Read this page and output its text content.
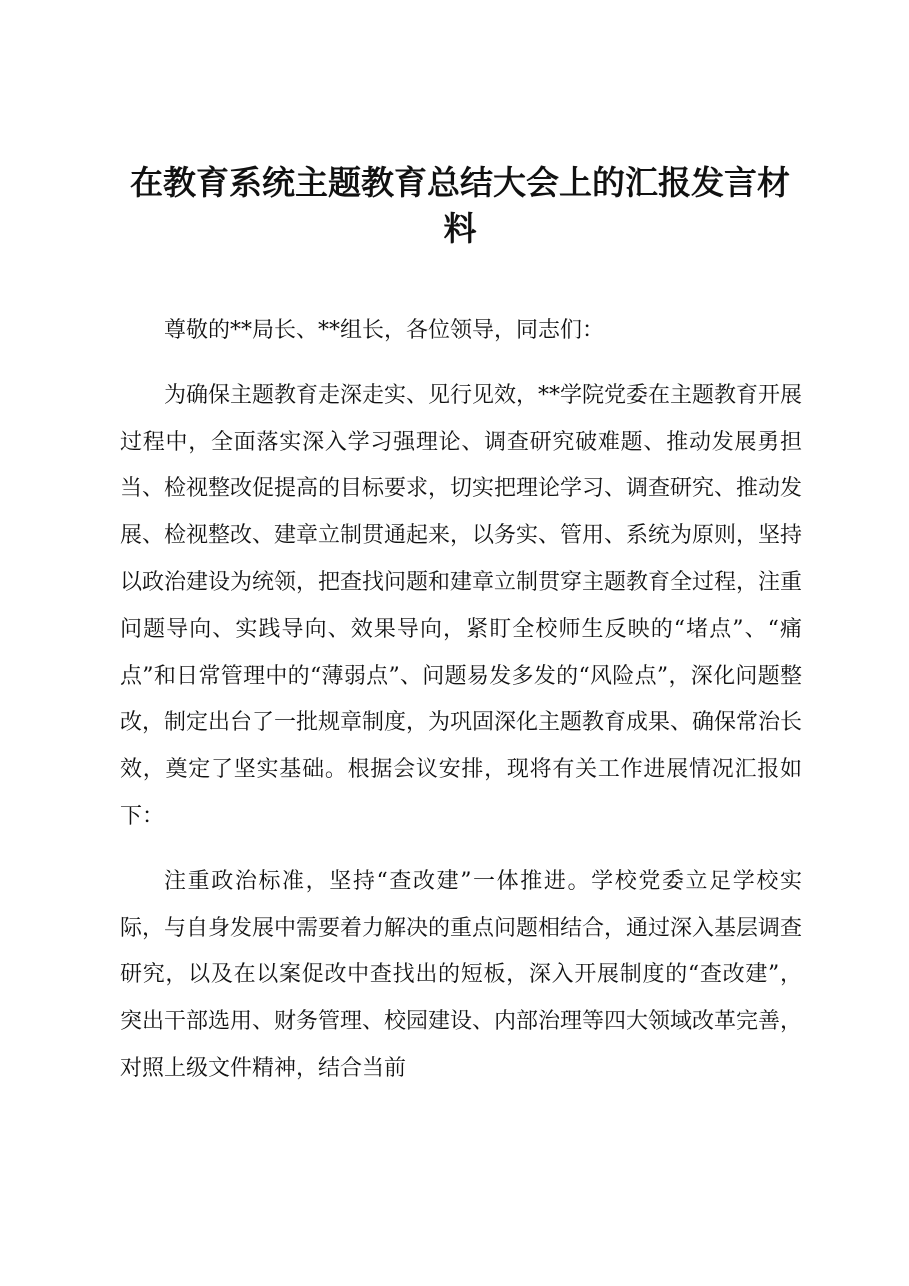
在教育系统主题教育总结大会上的汇报发言材料

尊敬的**局长、**组长，各位领导，同志们：

为确保主题教育走深走实、见行见效，**学院党委在主题教育开展过程中，全面落实深入学习强理论、调查研究破难题、推动发展勇担当、检视整改促提高的目标要求，切实把理论学习、调查研究、推动发展、检视整改、建章立制贯通起来，以务实、管用、系统为原则，坚持以政治建设为统领，把查找问题和建章立制贯穿主题教育全过程，注重问题导向、实践导向、效果导向，紧盯全校师生反映的“堵点”、“痛点”和日常管理中的“薄弱点”、问题易发多发的“风险点”，深化问题整改，制定出台了一批规章制度，为巩固深化主题教育成果、确保常治长效，奠定了坚实基础。根据会议安排，现将有关工作进展情况汇报如下：

注重政治标准，坚持“查改建”一体推进。学校党委立足学校实际，与自身发展中需要着力解决的重点问题相结合，通过深入基层调查研究，以及在以案促改中查找出的短板，深入开展制度的“查改建”，突出干部选用、财务管理、校园建设、内部治理等四大领域改革完善，对照上级文件精神，结合当前
